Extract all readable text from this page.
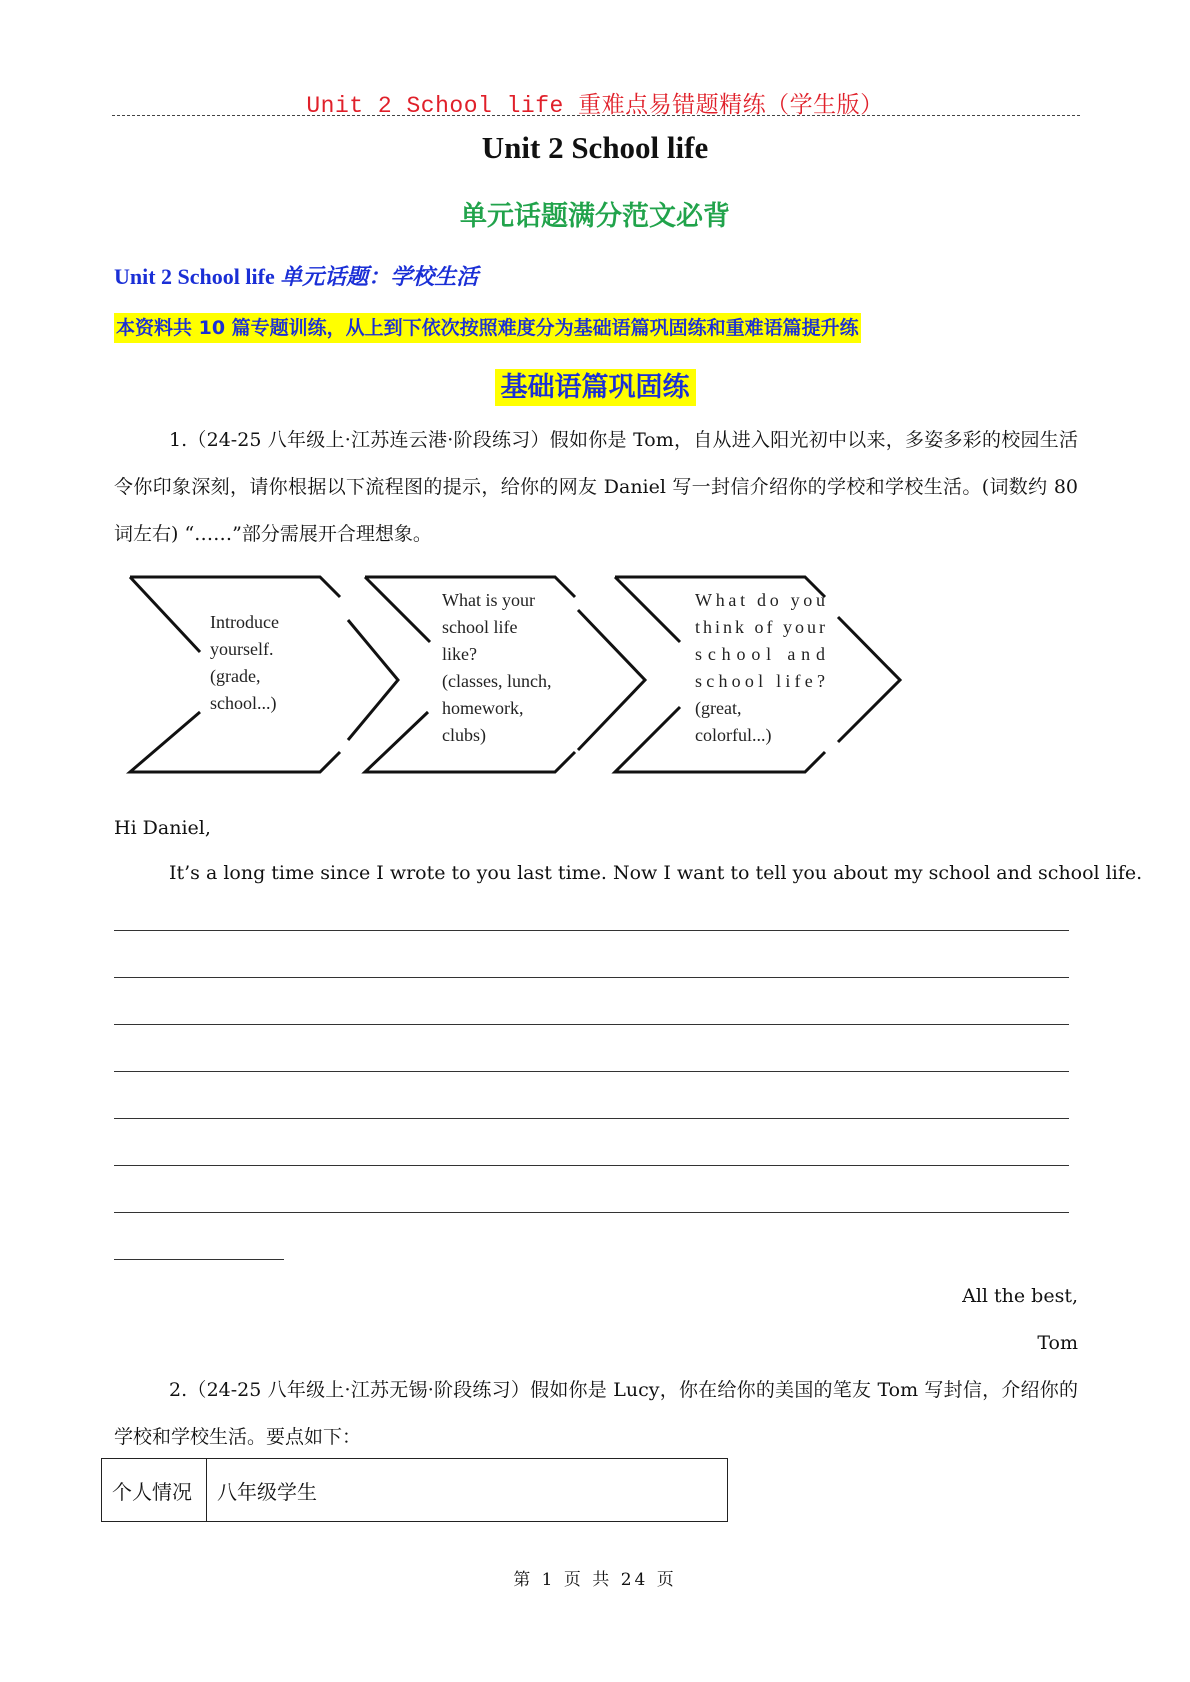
Unit 2 School life 重难点易错题精练（学生版）
Unit 2 School life
单元话题满分范文必背
Unit 2 School life 单元话题：学校生活
本资料共 10 篇专题训练，从上到下依次按照难度分为基础语篇巩固练和重难语篇提升练
基础语篇巩固练
1.（24-25 八年级上·江苏连云港·阶段练习）假如你是 Tom，自从进入阳光初中以来，多姿多彩的校园生活令你印象深刻，请你根据以下流程图的提示，给你的网友 Daniel 写一封信介绍你的学校和学校生活。(词数约 80 词左右) “……”部分需展开合理想象。
Introduce
yourself.
(grade,
school...)
What is your
school life
like?
(classes, lunch,
homework,
clubs)
What do you
think of your
school and
school life?
(great,
colorful...)
Hi Daniel,
It’s a long time since I wrote to you last time. Now I want to tell you about my school and school life.
All the best,
Tom
2.（24-25 八年级上·江苏无锡·阶段练习）假如你是 Lucy，你在给你的美国的笔友 Tom 写封信，介绍你的学校和学校生活。要点如下：
个人情况	八年级学生
第 1 页 共 24 页
